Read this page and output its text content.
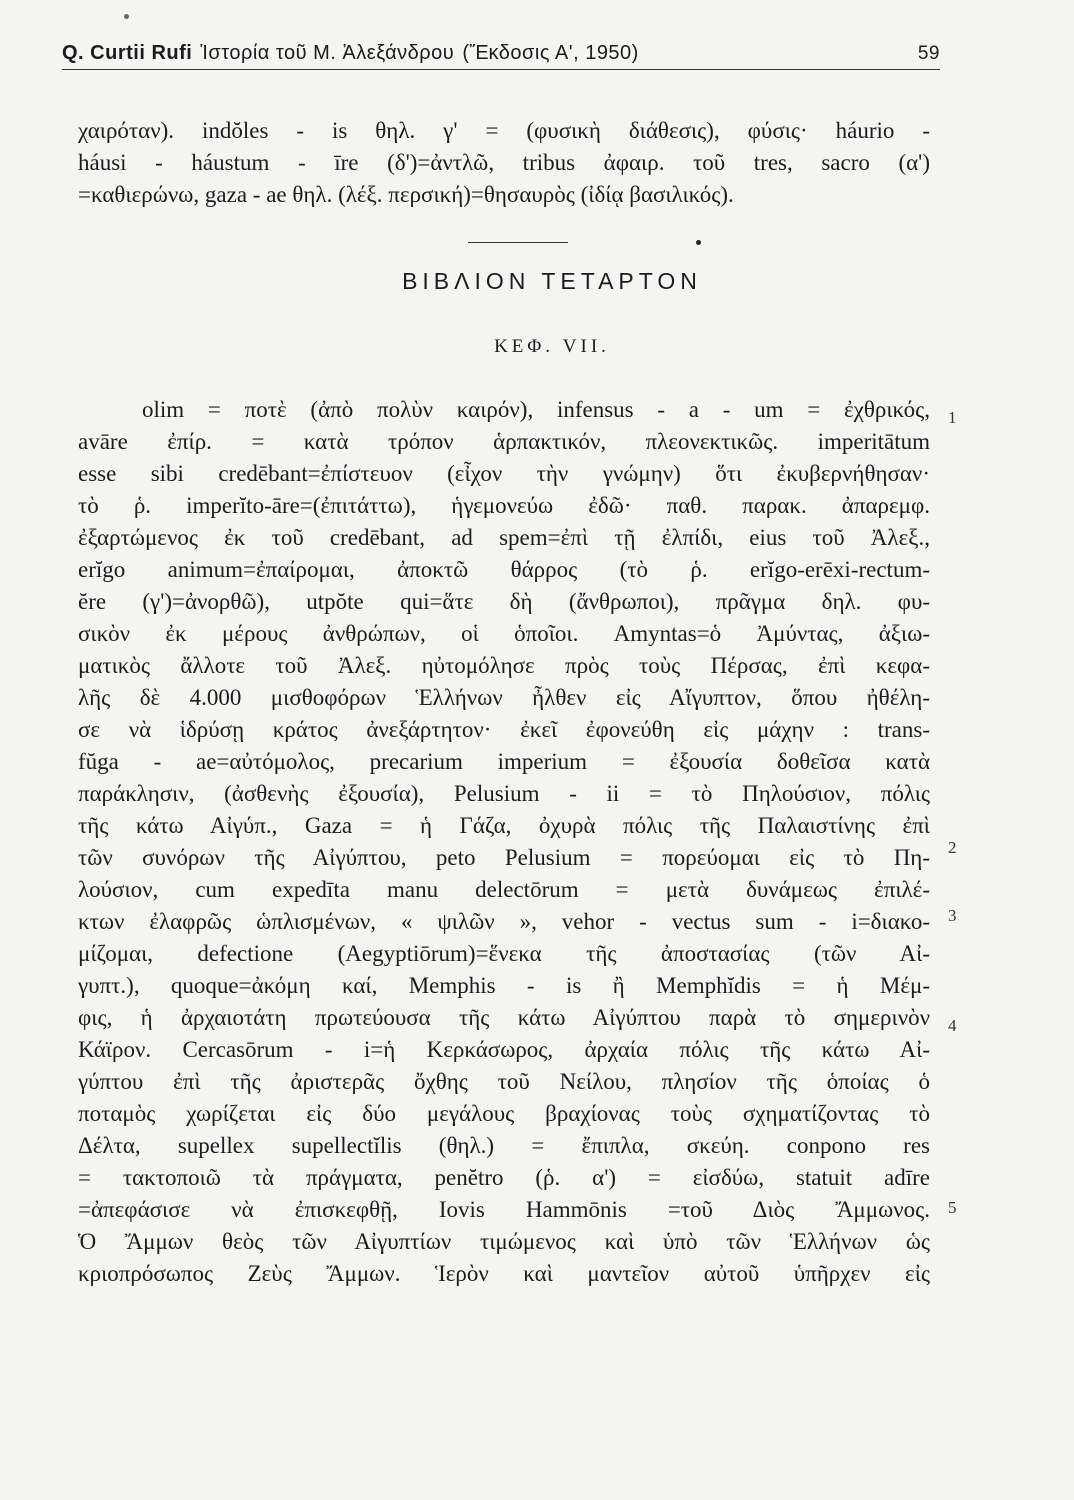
Q. Curtii Rufi Ἱστορία τοῦ Μ. Ἀλεξάνδρου (Ἔκδοσις Α', 1950)	59
χαιρόταν). indŏles - is θηλ. γ' = (φυσικὴ διάθεσις), φύσις· háurio -
háusi - háustum - īre (δ')=ἀντλῶ, tribus ἀφαιρ. τοῦ tres, sacro (α')
=καθιερώνω, gaza - ae θηλ. (λέξ. περσική)=θησαυρὸς (ἰδίᾳ βασιλικός).
ΒΙΒΛΙΟΝ ΤΕΤΑΡΤΟΝ
ΚΕΦ. VII.
olim = ποτὲ (ἀπὸ πολὺν καιρόν), infensus - a - um = ἐχθρικός,
avāre ἐπίρ. = κατὰ τρόπον ἁρπακτικόν, πλεονεκτικῶς. imperitātum
esse sibi credēbant=ἐπίστευον (εἶχον τὴν γνώμην) ὅτι ἐκυβερνήθησαν·
τὸ ῥ. imperĭto-āre=(ἐπιτάττω), ἡγεμονεύω ἐδῶ· παθ. παρακ. ἀπαρεμφ.
ἐξαρτώμενος ἐκ τοῦ credēbant, ad spem=ἐπὶ τῇ ἐλπίδι, eius τοῦ Ἀλεξ.,
erĭgo animum=ἐπαίρομαι, ἀποκτῶ θάρρος (τὸ ῥ. erĭgo-erēxi-rectum-
ĕre (γ')=ἀνορθῶ), utpŏte qui=ἅτε δὴ (ἄνθρωποι), πρᾶγμα δηλ. φυ-
σικὸν ἐκ μέρους ἀνθρώπων, οἱ ὁποῖοι. Amyntas=ὁ Ἀμύντας, ἀξιω-
ματικὸς ἄλλοτε τοῦ Ἀλεξ. ηὐτομόλησε πρὸς τοὺς Πέρσας, ἐπὶ κεφα-
λῆς δὲ 4.000 μισθοφόρων Ἑλλήνων ἦλθεν εἰς Αἴγυπτον, ὅπου ἠθέλη-
σε νὰ ἱδρύσῃ κράτος ἀνεξάρτητον· ἐκεῖ ἐφονεύθη εἰς μάχην : trans-
fŭga - ae=αὐτόμολος, precarium imperium = ἐξουσία δοθεῖσα κατὰ
παράκλησιν, (ἀσθενὴς ἐξουσία), Pelusium - ii = τὸ Πηλούσιον, πόλις
τῆς κάτω Αἰγύπ., Gaza = ἡ Γάζα, ὀχυρὰ πόλις τῆς Παλαιστίνης ἐπὶ
τῶν συνόρων τῆς Αἰγύπτου, peto Pelusium = πορεύομαι εἰς τὸ Πη-
λούσιον, cum expedīta manu delectōrum = μετὰ δυνάμεως ἐπιλέ-
κτων ἐλαφρῶς ὡπλισμένων, « ψιλῶν », vehor - vectus sum - i=διακο-
μίζομαι, defectione (Aegyptiōrum)=ἕνεκα τῆς ἀποστασίας (τῶν Αἰ-
γυπτ.), quoque=ἀκόμη καί, Memphis - is ἢ Memphĭdis = ἡ Μέμ-
φις, ἡ ἀρχαιοτάτη πρωτεύουσα τῆς κάτω Αἰγύπτου παρὰ τὸ σημερινὸν
Κάϊρον. Cercasōrum - i=ἡ Κερκάσωρος, ἀρχαία πόλις τῆς κάτω Αἰ-
γύπτου ἐπὶ τῆς ἀριστερᾶς ὄχθης τοῦ Νείλου, πλησίον τῆς ὁποίας ὁ
ποταμὸς χωρίζεται εἰς δύο μεγάλους βραχίονας τοὺς σχηματίζοντας τὸ
Δέλτα, supellex supellectĭlis (θηλ.) = ἔπιπλα, σκεύη. conpono res
= τακτοποιῶ τὰ πράγματα, penĕtro (ῥ. α') = εἰσδύω, statuit adīre
=ἀπεφάσισε νὰ ἐπισκεφθῇ, Iovis Hammōnis =τοῦ Διὸς Ἄμμωνος.
Ὁ Ἄμμων θεὸς τῶν Αἰγυπτίων τιμώμενος καὶ ὑπὸ τῶν Ἑλλήνων ὡς
κριοπρόσωπος Ζεὺς Ἄμμων. Ἱερὸν καὶ μαντεῖον αὐτοῦ ὑπῆρχεν εἰς
1
2
3
4
5
